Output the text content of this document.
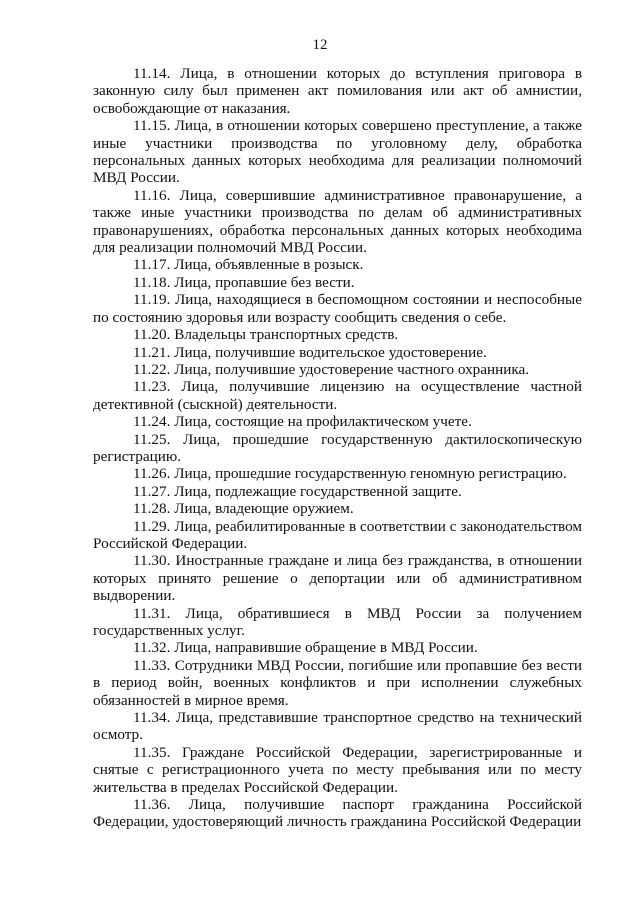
12

11.14. Лица, в отношении которых до вступления приговора в законную силу был применен акт помилования или акт об амнистии, освобождающие от наказания.

11.15. Лица, в отношении которых совершено преступление, а также иные участники производства по уголовному делу, обработка персональных данных которых необходима для реализации полномочий МВД России.

11.16. Лица, совершившие административное правонарушение, а также иные участники производства по делам об административных правонарушениях, обработка персональных данных которых необходима для реализации полномочий МВД России.

11.17. Лица, объявленные в розыск.

11.18. Лица, пропавшие без вести.

11.19. Лица, находящиеся в беспомощном состоянии и неспособные по состоянию здоровья или возрасту сообщить сведения о себе.

11.20. Владельцы транспортных средств.

11.21. Лица, получившие водительское удостоверение.

11.22. Лица, получившие удостоверение частного охранника.

11.23. Лица, получившие лицензию на осуществление частной детективной (сыскной) деятельности.

11.24. Лица, состоящие на профилактическом учете.

11.25. Лица, прошедшие государственную дактилоскопическую регистрацию.

11.26. Лица, прошедшие государственную геномную регистрацию.

11.27. Лица, подлежащие государственной защите.

11.28. Лица, владеющие оружием.

11.29. Лица, реабилитированные в соответствии с законодательством Российской Федерации.

11.30. Иностранные граждане и лица без гражданства, в отношении которых принято решение о депортации или об административном выдворении.

11.31. Лица, обратившиеся в МВД России за получением государственных услуг.

11.32. Лица, направившие обращение в МВД России.

11.33. Сотрудники МВД России, погибшие или пропавшие без вести в период войн, военных конфликтов и при исполнении служебных обязанностей в мирное время.

11.34. Лица, представившие транспортное средство на технический осмотр.

11.35. Граждане Российской Федерации, зарегистрированные и снятые с регистрационного учета по месту пребывания или по месту жительства в пределах Российской Федерации.

11.36. Лица, получившие паспорт гражданина Российской Федерации, удостоверяющий личность гражданина Российской Федерации
